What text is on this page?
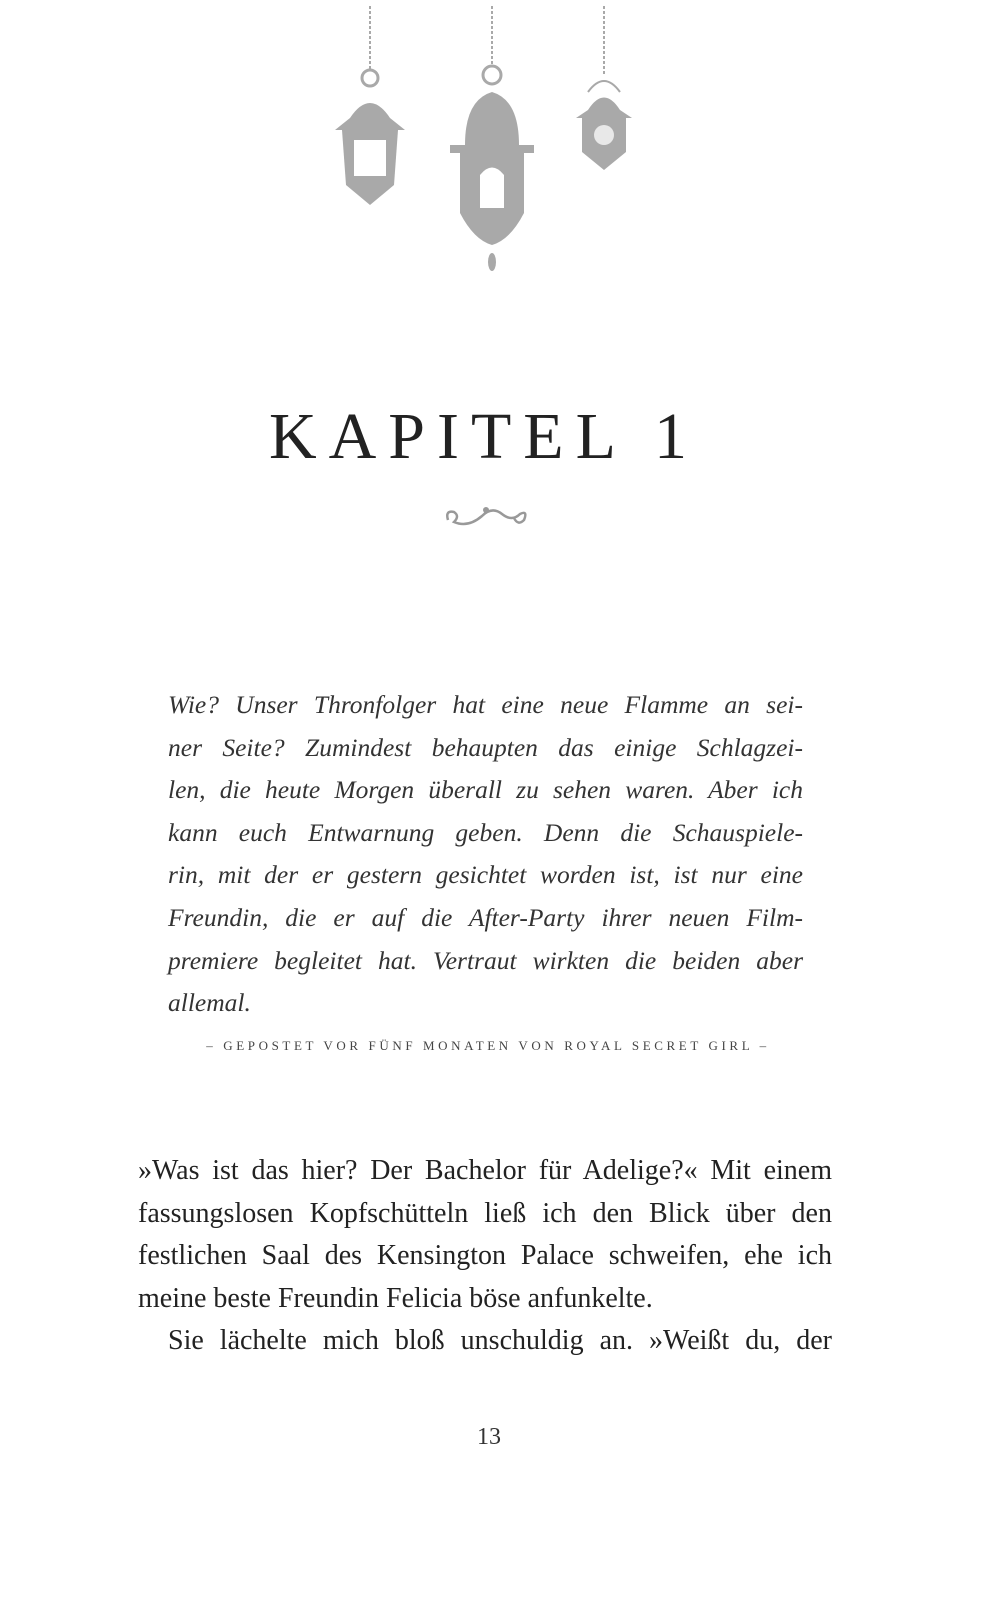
KAPITEL 1
Wie? Unser Thronfolger hat eine neue Flamme an sei-
ner Seite? Zumindest behaupten das einige Schlagzei-
len, die heute Morgen überall zu sehen waren. Aber ich
kann euch Entwarnung geben. Denn die Schauspiele-
rin, mit der er gestern gesichtet worden ist, ist nur eine
Freundin, die er auf die After-Party ihrer neuen Film-
premiere begleitet hat. Vertraut wirkten die beiden aber
allemal.
– GEPOSTET VOR FÜNF MONATEN VON ROYAL SECRET GIRL –
»Was ist das hier? Der Bachelor für Adelige?« Mit einem
fassungslosen Kopfschütteln ließ ich den Blick über den
festlichen Saal des Kensington Palace schweifen, ehe ich
meine beste Freundin Felicia böse anfunkelte.
Sie lächelte mich bloß unschuldig an. »Weißt du, der
13
